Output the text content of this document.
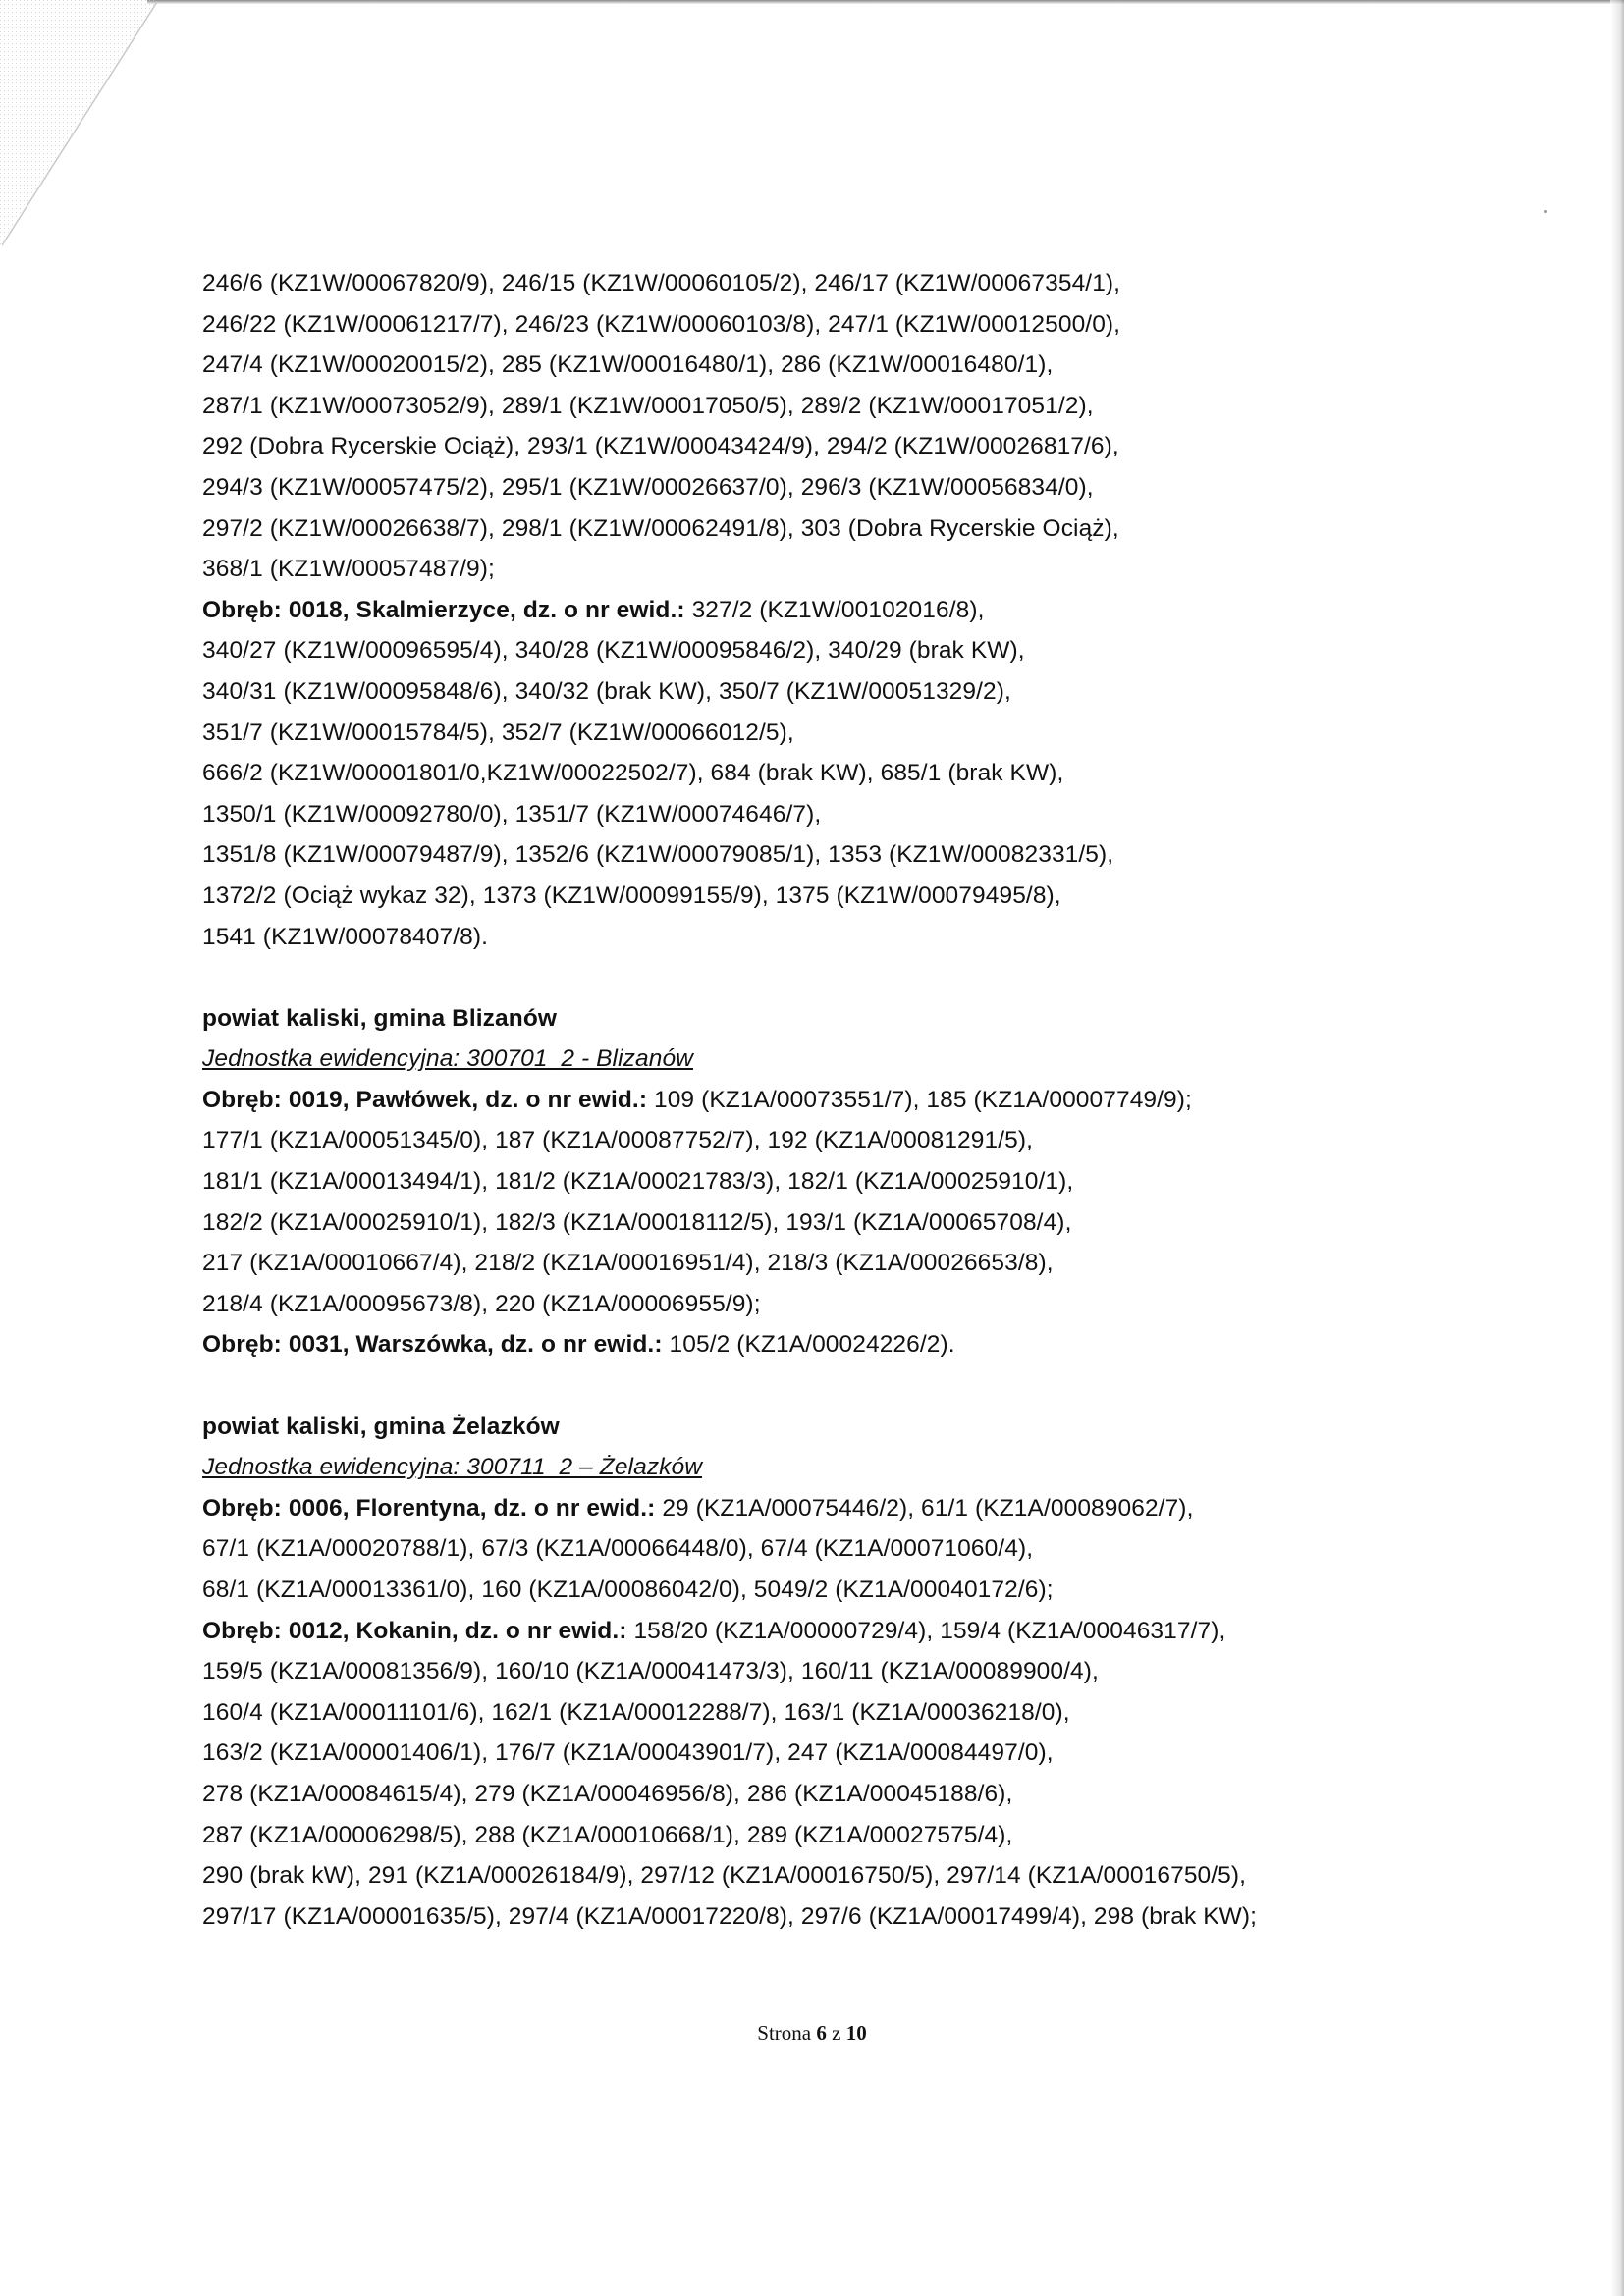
246/6 (KZ1W/00067820/9), 246/15 (KZ1W/00060105/2), 246/17 (KZ1W/00067354/1),
246/22 (KZ1W/00061217/7), 246/23 (KZ1W/00060103/8), 247/1 (KZ1W/00012500/0),
247/4 (KZ1W/00020015/2), 285 (KZ1W/00016480/1), 286 (KZ1W/00016480/1),
287/1 (KZ1W/00073052/9), 289/1 (KZ1W/00017050/5), 289/2 (KZ1W/00017051/2),
292 (Dobra Rycerskie Ociąż), 293/1 (KZ1W/00043424/9), 294/2 (KZ1W/00026817/6),
294/3 (KZ1W/00057475/2), 295/1 (KZ1W/00026637/0), 296/3 (KZ1W/00056834/0),
297/2 (KZ1W/00026638/7), 298/1 (KZ1W/00062491/8), 303 (Dobra Rycerskie Ociąż),
368/1 (KZ1W/00057487/9);
Obręb: 0018, Skalmierzyce, dz. o nr ewid.: 327/2 (KZ1W/00102016/8),
340/27 (KZ1W/00096595/4), 340/28 (KZ1W/00095846/2), 340/29 (brak KW),
340/31 (KZ1W/00095848/6), 340/32 (brak KW), 350/7 (KZ1W/00051329/2),
351/7 (KZ1W/00015784/5), 352/7 (KZ1W/00066012/5),
666/2 (KZ1W/00001801/0,KZ1W/00022502/7), 684 (brak KW), 685/1 (brak KW),
1350/1 (KZ1W/00092780/0), 1351/7 (KZ1W/00074646/7),
1351/8 (KZ1W/00079487/9), 1352/6 (KZ1W/00079085/1), 1353 (KZ1W/00082331/5),
1372/2 (Ociąż wykaz 32), 1373 (KZ1W/00099155/9), 1375 (KZ1W/00079495/8),
1541 (KZ1W/00078407/8).
powiat kaliski, gmina Blizanów
Jednostka ewidencyjna: 300701_2 - Blizanów
Obręb: 0019, Pawłówek, dz. o nr ewid.: 109 (KZ1A/00073551/7), 185 (KZ1A/00007749/9);
177/1 (KZ1A/00051345/0), 187 (KZ1A/00087752/7), 192 (KZ1A/00081291/5),
181/1 (KZ1A/00013494/1), 181/2 (KZ1A/00021783/3), 182/1 (KZ1A/00025910/1),
182/2 (KZ1A/00025910/1), 182/3 (KZ1A/00018112/5), 193/1 (KZ1A/00065708/4),
217 (KZ1A/00010667/4), 218/2 (KZ1A/00016951/4), 218/3 (KZ1A/00026653/8),
218/4 (KZ1A/00095673/8), 220 (KZ1A/00006955/9);
Obręb: 0031, Warszówka, dz. o nr ewid.: 105/2 (KZ1A/00024226/2).
powiat kaliski, gmina Żelazków
Jednostka ewidencyjna: 300711_2 – Żelazków
Obręb: 0006, Florentyna, dz. o nr ewid.: 29 (KZ1A/00075446/2), 61/1 (KZ1A/00089062/7),
67/1 (KZ1A/00020788/1), 67/3 (KZ1A/00066448/0), 67/4 (KZ1A/00071060/4),
68/1 (KZ1A/00013361/0), 160 (KZ1A/00086042/0), 5049/2 (KZ1A/00040172/6);
Obręb: 0012, Kokanin, dz. o nr ewid.: 158/20 (KZ1A/00000729/4), 159/4 (KZ1A/00046317/7),
159/5 (KZ1A/00081356/9), 160/10 (KZ1A/00041473/3), 160/11 (KZ1A/00089900/4),
160/4 (KZ1A/00011101/6), 162/1 (KZ1A/00012288/7), 163/1 (KZ1A/00036218/0),
163/2 (KZ1A/00001406/1), 176/7 (KZ1A/00043901/7), 247 (KZ1A/00084497/0),
278 (KZ1A/00084615/4), 279 (KZ1A/00046956/8), 286 (KZ1A/00045188/6),
287 (KZ1A/00006298/5), 288 (KZ1A/00010668/1), 289 (KZ1A/00027575/4),
290 (brak kW), 291 (KZ1A/00026184/9), 297/12 (KZ1A/00016750/5), 297/14 (KZ1A/00016750/5),
297/17 (KZ1A/00001635/5), 297/4 (KZ1A/00017220/8), 297/6 (KZ1A/00017499/4), 298 (brak KW);
Strona 6 z 10
